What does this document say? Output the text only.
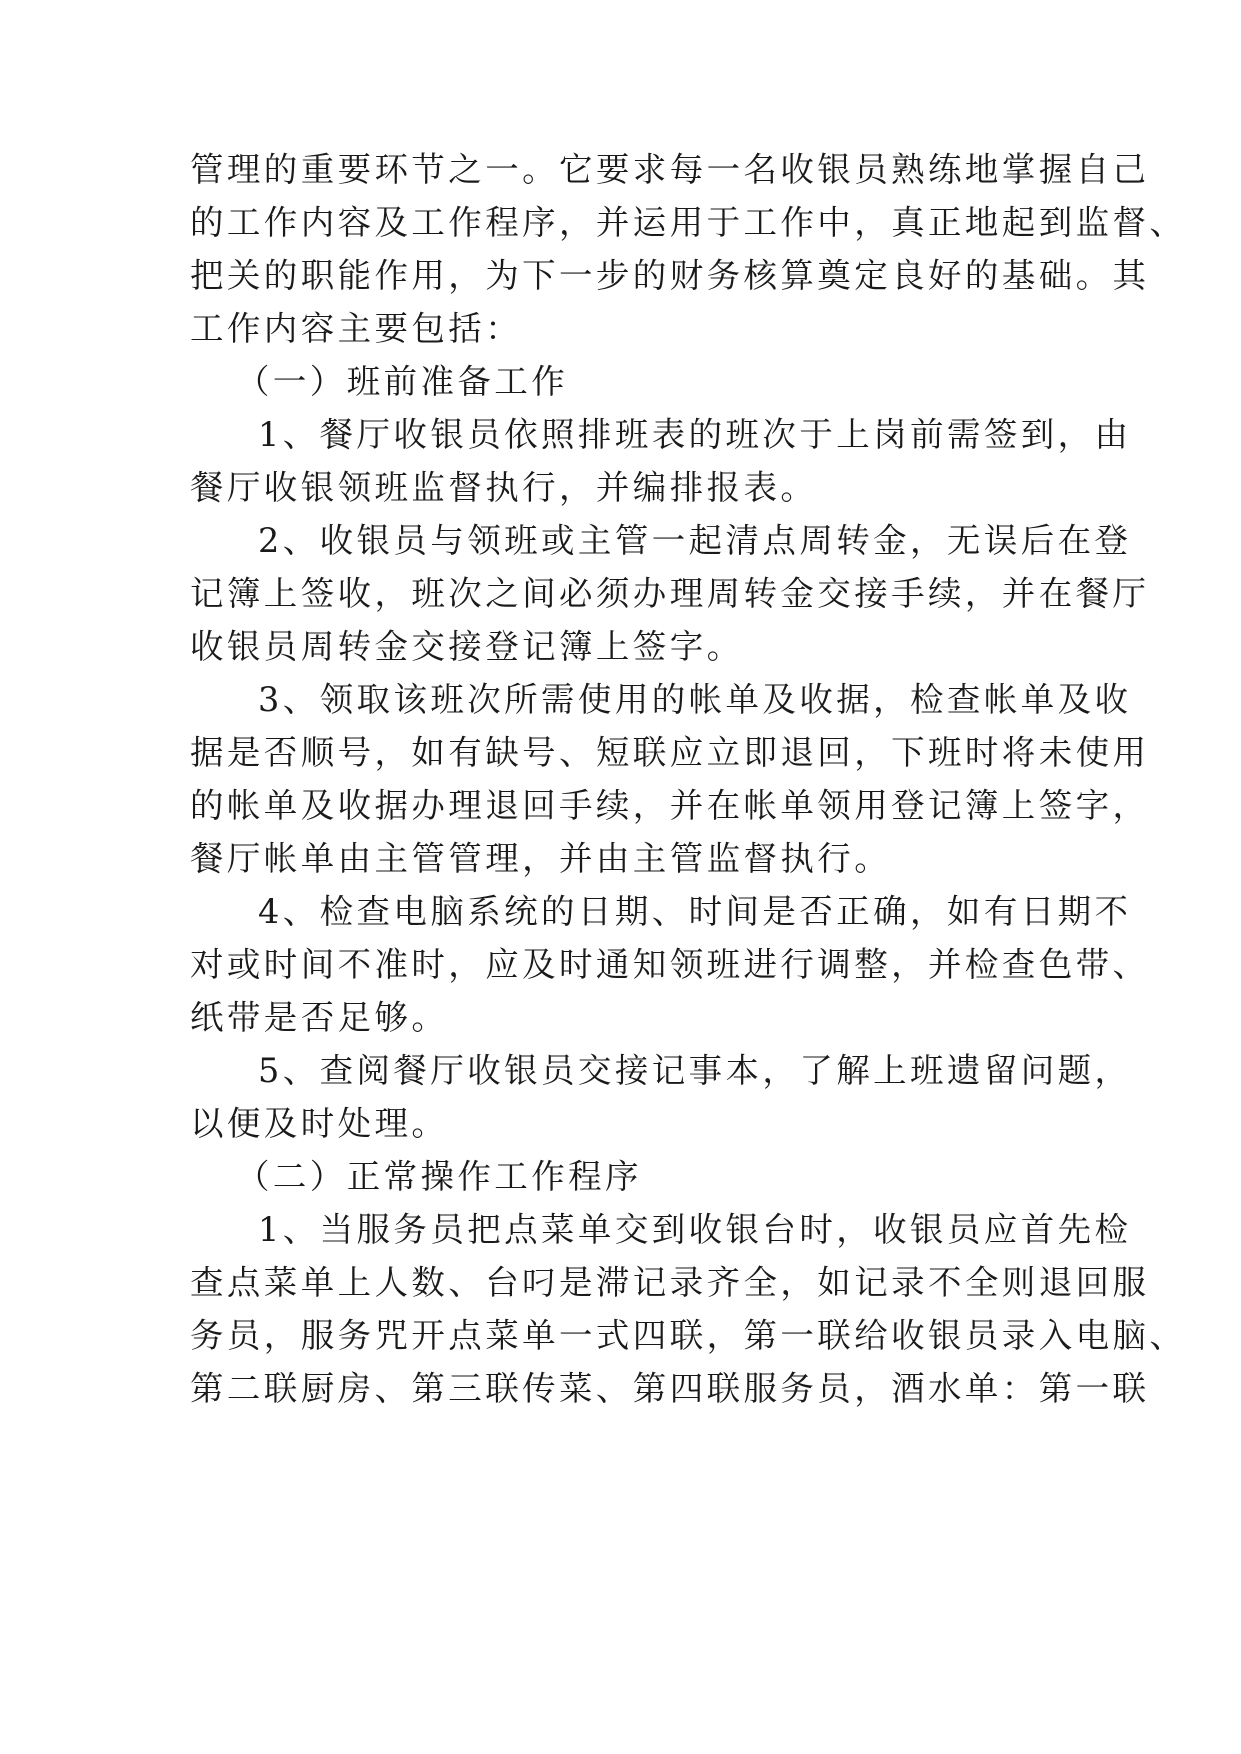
管理的重要环节之一。它要求每一名收银员熟练地掌握自己
的工作内容及工作程序，并运用于工作中，真正地起到监督、
把关的职能作用，为下一步的财务核算奠定良好的基础。其
工作内容主要包括：
（一）班前准备工作
1、餐厅收银员依照排班表的班次于上岗前需签到，由
餐厅收银领班监督执行，并编排报表。
2、收银员与领班或主管一起清点周转金，无误后在登
记簿上签收，班次之间必须办理周转金交接手续，并在餐厅
收银员周转金交接登记簿上签字。
3、领取该班次所需使用的帐单及收据，检查帐单及收
据是否顺号，如有缺号、短联应立即退回，下班时将未使用
的帐单及收据办理退回手续，并在帐单领用登记簿上签字，
餐厅帐单由主管管理，并由主管监督执行。
4、检查电脑系统的日期、时间是否正确，如有日期不
对或时间不准时，应及时通知领班进行调整，并检查色带、
纸带是否足够。
5、查阅餐厅收银员交接记事本，了解上班遗留问题，
以便及时处理。
（二）正常操作工作程序
1、当服务员把点菜单交到收银台时，收银员应首先检
查点菜单上人数、台叼是滞记录齐全，如记录不全则退回服
务员，服务咒开点菜单一式四联，第一联给收银员录入电脑、
第二联厨房、第三联传菜、第四联服务员，酒水单：第一联
